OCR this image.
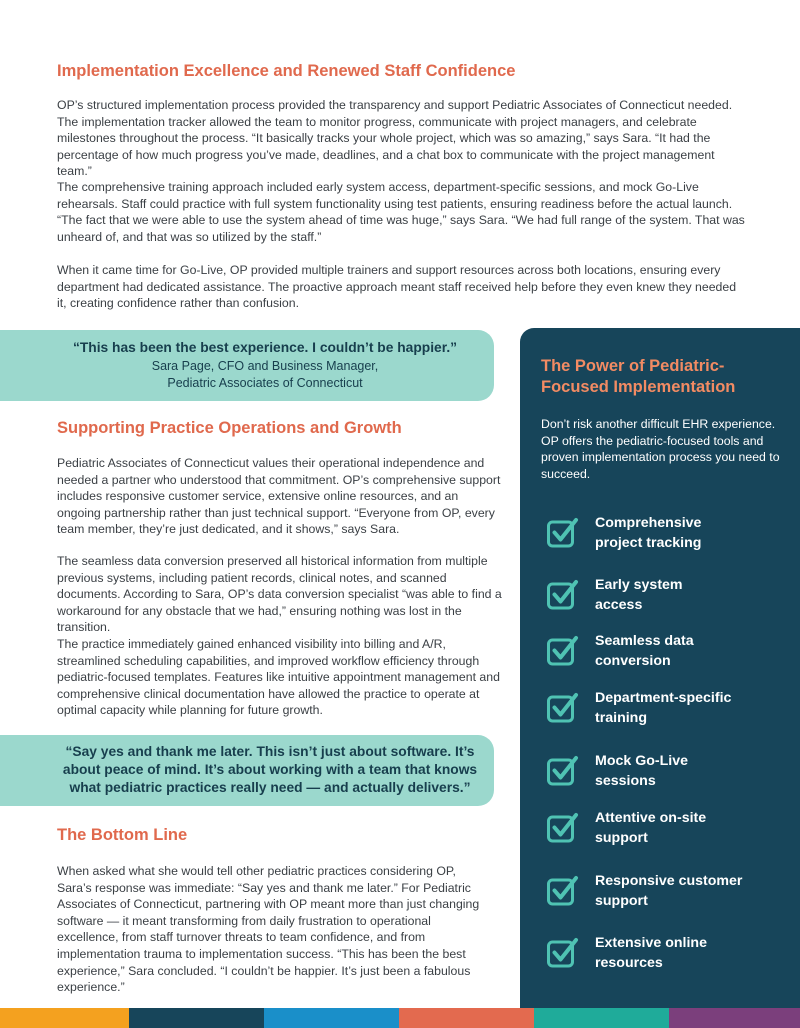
Implementation Excellence and Renewed Staff Confidence

OP’s structured implementation process provided the transparency and support Pediatric Associates of Connecticut needed. The implementation tracker allowed the team to monitor progress, communicate with project managers, and celebrate milestones throughout the process. “It basically tracks your whole project, which was so amazing,” says Sara. “It had the percentage of how much progress you’ve made, deadlines, and a chat box to communicate with the project management team.”

The comprehensive training approach included early system access, department-specific sessions, and mock Go-Live rehearsals. Staff could practice with full system functionality using test patients, ensuring readiness before the actual launch. “The fact that we were able to use the system ahead of time was huge,” says Sara. “We had full range of the system. That was unheard of, and that was so utilized by the staff.”

When it came time for Go-Live, OP provided multiple trainers and support resources across both locations, ensuring every department had dedicated assistance. The proactive approach meant staff received help before they even knew they needed it, creating confidence rather than confusion.

“This has been the best experience. I couldn’t be happier.”
Sara Page, CFO and Business Manager,
Pediatric Associates of Connecticut
Supporting Practice Operations and Growth

Pediatric Associates of Connecticut values their operational independence and needed a partner who understood that commitment. OP’s comprehensive support includes responsive customer service, extensive online resources, and an ongoing partnership rather than just technical support. “Everyone from OP, every team member, they’re just dedicated, and it shows,” says Sara.

The seamless data conversion preserved all historical information from multiple previous systems, including patient records, clinical notes, and scanned documents. According to Sara, OP’s data conversion specialist “was able to find a workaround for any obstacle that we had,” ensuring nothing was lost in the transition.

The practice immediately gained enhanced visibility into billing and A/R, streamlined scheduling capabilities, and improved workflow efficiency through pediatric-focused templates. Features like intuitive appointment management and comprehensive clinical documentation have allowed the practice to operate at optimal capacity while planning for future growth.

“Say yes and thank me later. This isn’t just about software. It’s about peace of mind. It’s about working with a team that knows what pediatric practices really need — and actually delivers.”
The Bottom Line

When asked what she would tell other pediatric practices considering OP, Sara’s response was immediate: “Say yes and thank me later.” For Pediatric Associates of Connecticut, partnering with OP meant more than just changing software — it meant transforming from daily frustration to operational excellence, from staff turnover threats to team confidence, and from implementation trauma to implementation success. “This has been the best experience,” Sara concluded. “I couldn’t be happier. It’s just been a fabulous experience.”

The Power of Pediatric-
Focused Implementation

Don’t risk another difficult EHR experience. OP offers the pediatric-focused tools and proven implementation process you need to succeed.

Comprehensive
project tracking
Early system
access
Seamless data
conversion
Department-specific
training
Mock Go-Live
sessions
Attentive on-site
support
Responsive customer
support
Extensive online
resources
